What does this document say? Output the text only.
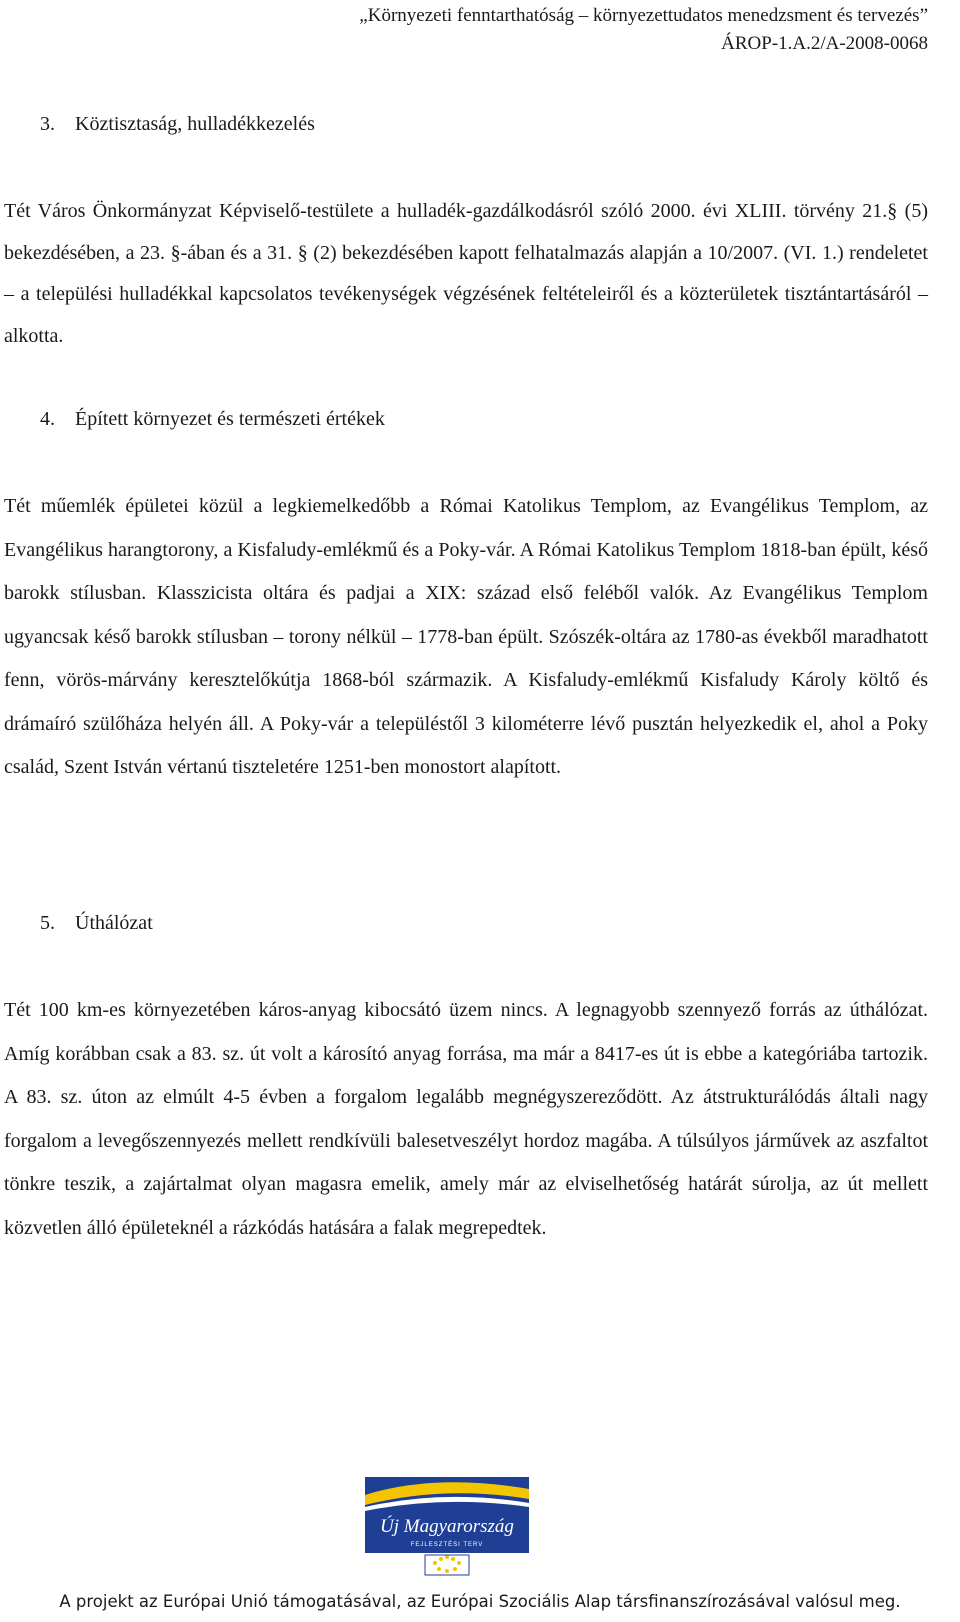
„Környezeti fenntarthatóság – környezettudatos menedzsment és tervezés”
ÁROP-1.A.2/A-2008-0068
3. Köztisztaság, hulladékkezelés
Tét Város Önkormányzat Képviselő-testülete a hulladék-gazdálkodásról szóló 2000. évi XLIII. törvény 21.§ (5) bekezdésében, a 23. §-ában és a 31. § (2) bekezdésében kapott felhatalmazás alapján a 10/2007. (VI. 1.) rendeletet – a települési hulladékkal kapcsolatos tevékenységek végzésének feltételeiről és a közterületek tisztántartásáról – alkotta.
4. Épített környezet és természeti értékek
Tét műemlék épületei közül a legkiemelkedőbb a Római Katolikus Templom, az Evangélikus Templom, az Evangélikus harangtorony, a Kisfaludy-emlékmű és a Poky-vár. A Római Katolikus Templom 1818-ban épült, késő barokk stílusban. Klasszicista oltára és padjai a XIX: század első feléből valók. Az Evangélikus Templom ugyancsak késő barokk stílusban – torony nélkül – 1778-ban épült. Szószék-oltára az 1780-as évekből maradhatott fenn, vörös-márvány keresztelőkútja 1868-ból származik. A Kisfaludy-emlékmű Kisfaludy Károly költő és drámaíró szülőháza helyén áll. A Poky-vár a településtől 3 kilométerre lévő pusztán helyezkedik el, ahol a Poky család, Szent István vértanú tiszteletére 1251-ben monostort alapított.
5. Úthálózat
Tét 100 km-es környezetében káros-anyag kibocsátó üzem nincs. A legnagyobb szennyező forrás az úthálózat. Amíg korábban csak a 83. sz. út volt a károsító anyag forrása, ma már a 8417-es út is ebbe a kategóriába tartozik. A 83. sz. úton az elmúlt 4-5 évben a forgalom legalább megnégyszereződött. Az átstrukturálódás általi nagy forgalom a levegőszennyezés mellett rendkívüli balesetveszélyt hordoz magába. A túlsúlyos járművek az aszfaltot tönkre teszik, a zajártalmat olyan magasra emelik, amely már az elviselhetőség határát súrolja, az út mellett közvetlen álló épületeknél a rázkódás hatására a falak megrepedtek.
Új Magyarország
FEJLESZTÉSI TERV
A projekt az Európai Unió támogatásával, az Európai Szociális Alap társfinanszírozásával valósul meg.
